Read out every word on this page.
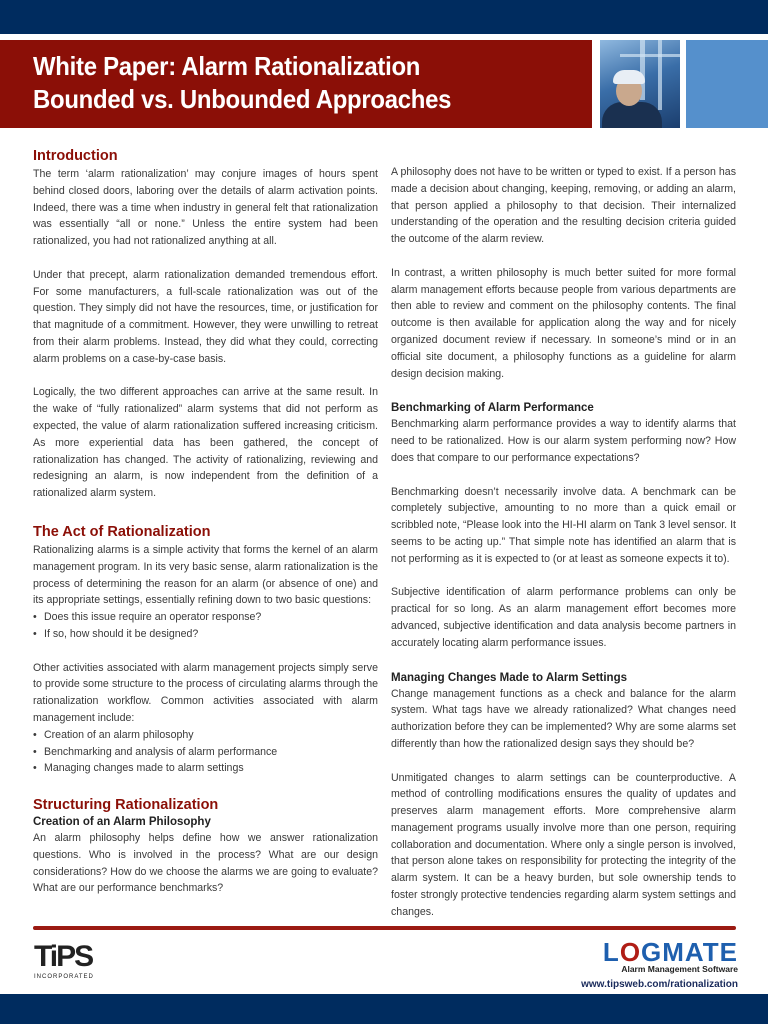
White Paper: Alarm Rationalization
Bounded vs. Unbounded Approaches
Introduction

The term ‘alarm rationalization’ may conjure images of hours spent behind closed doors, laboring over the details of alarm activation points. Indeed, there was a time when industry in general felt that rationalization was essentially “all or none.” Unless the entire system had been rationalized, you had not rationalized anything at all.

Under that precept, alarm rationalization demanded tremendous effort. For some manufacturers, a full-scale rationalization was out of the question. They simply did not have the resources, time, or justification for that magnitude of a commitment. However, they were unwilling to retreat from their alarm problems. Instead, they did what they could, correcting alarm problems on a case-by-case basis.

Logically, the two different approaches can arrive at the same result. In the wake of “fully rationalized” alarm systems that did not perform as expected, the value of alarm rationalization suffered increasing criticism. As more experiential data has been gathered, the concept of rationalization has changed. The activity of rationalizing, reviewing and redesigning an alarm, is now independent from the definition of a rationalized alarm system.

The Act of Rationalization

Rationalizing alarms is a simple activity that forms the kernel of an alarm management program. In its very basic sense, alarm rationalization is the process of determining the reason for an alarm (or absence of one) and its appropriate settings, essentially refining down to two basic questions:

• Does this issue require an operator response?
• If so, how should it be designed?

Other activities associated with alarm management projects simply serve to provide some structure to the process of circulating alarms through the rationalization workflow. Common activities associated with alarm management include:

• Creation of an alarm philosophy
• Benchmarking and analysis of alarm performance
• Managing changes made to alarm settings
Structuring Rationalization
Creation of an Alarm Philosophy

An alarm philosophy helps define how we answer rationalization questions. Who is involved in the process? What are our design considerations? How do we choose the alarms we are going to evaluate? What are our performance benchmarks?

A philosophy does not have to be written or typed to exist. If a person has made a decision about changing, keeping, removing, or adding an alarm, that person applied a philosophy to that decision. Their internalized understanding of the operation and the resulting decision criteria guided the outcome of the alarm review.

In contrast, a written philosophy is much better suited for more formal alarm management efforts because people from various departments are then able to review and comment on the philosophy contents. The final outcome is then available for application along the way and for nicely organized document review if necessary. In someone’s mind or in an official site document, a philosophy functions as a guideline for alarm design decision making.

Benchmarking of Alarm Performance

Benchmarking alarm performance provides a way to identify alarms that need to be rationalized. How is our alarm system performing now? How does that compare to our performance expectations?

Benchmarking doesn’t necessarily involve data. A benchmark can be completely subjective, amounting to no more than a quick email or scribbled note, “Please look into the HI-HI alarm on Tank 3 level sensor. It seems to be acting up.” That simple note has identified an alarm that is not performing as it is expected to (or at least as someone expects it to).

Subjective identification of alarm performance problems can only be practical for so long. As an alarm management effort becomes more advanced, subjective identification and data analysis become partners in accurately locating alarm performance issues.

Managing Changes Made to Alarm Settings

Change management functions as a check and balance for the alarm system. What tags have we already rationalized? What changes need authorization before they can be implemented? Why are some alarms set differently than how the rationalized design says they should be?

Unmitigated changes to alarm settings can be counterproductive. A method of controlling modifications ensures the quality of updates and preserves alarm management efforts. More comprehensive alarm management programs usually involve more than one person, requiring collaboration and documentation. Where only a single person is involved, that person alone takes on responsibility for protecting the integrity of the alarm system. It can be a heavy burden, but sole ownership tends to foster strongly protective tendencies regarding alarm system settings and changes.

TiPS
INCORPORATED
LOGMATE
Alarm Management Software
www.tipsweb.com/rationalization
